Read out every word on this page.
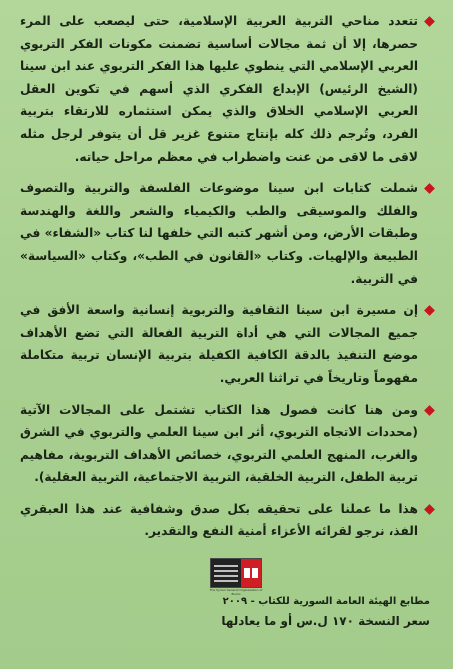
تتعدد مناحي التربية العربية الإسلامية، حتى ليصعب على المرء حصرها، إلا أن ثمة مجالات أساسية تضمنت مكونات الفكر التربوي العربي الإسلامي التي ينطوي عليها هذا الفكر التربوي عند ابن سينا (الشيخ الرئيس) الإبداع الفكري الذي أسهم في تكوين العقل العربي الإسلامي الخلاق والذي يمكن استثماره للارتقاء بتربية الفرد، وتُرجم ذلك كله بإنتاج متنوع غزير قل أن يتوفر لرجل مثله لاقى ما لاقى من عنت واضطراب في معظم مراحل حياته.

شملت كتابات ابن سينا موضوعات الفلسفة والتربية والتصوف والفلك والموسيقى والطب والكيمياء والشعر واللغة والهندسة وطبقات الأرض، ومن أشهر كتبه التي خلفها لنا كتاب «الشفاء» في الطبيعة والإلهيات. وكتاب «القانون في الطب»، وكتاب «السياسة» في التربية.

إن مسيرة ابن سينا الثقافية والتربوية إنسانية واسعة الأفق في جميع المجالات التي هي أداة التربية الفعالة التي تضع الأهداف موضع التنفيذ بالدقة الكافية الكفيلة بتربية الإنسان تربية متكاملة مفهوماً وتاريخاً في تراثنا العربي.

ومن هنا كانت فصول هذا الكتاب تشتمل على المجالات الآتية (محددات الاتجاه التربوي، أثر ابن سينا العلمي والتربوي في الشرق والغرب، المنهج العلمي التربوي، خصائص الأهداف التربوية، مفاهيم تربية الطفل، التربية الخلقية، التربية الاجتماعية، التربية العقلية).

هذا ما عملنا على تحقيقه بكل صدق وشفافية عند هذا العبقري الفذ، نرجو لقرائه الأعزاء أمنية النفع والتقدير.

The Syrian General Organization of Books
مطابع الهيئة العامة السورية للكتاب - ٢٠٠٩
سعر النسخة ١٧٠ ل.س أو ما يعادلها
